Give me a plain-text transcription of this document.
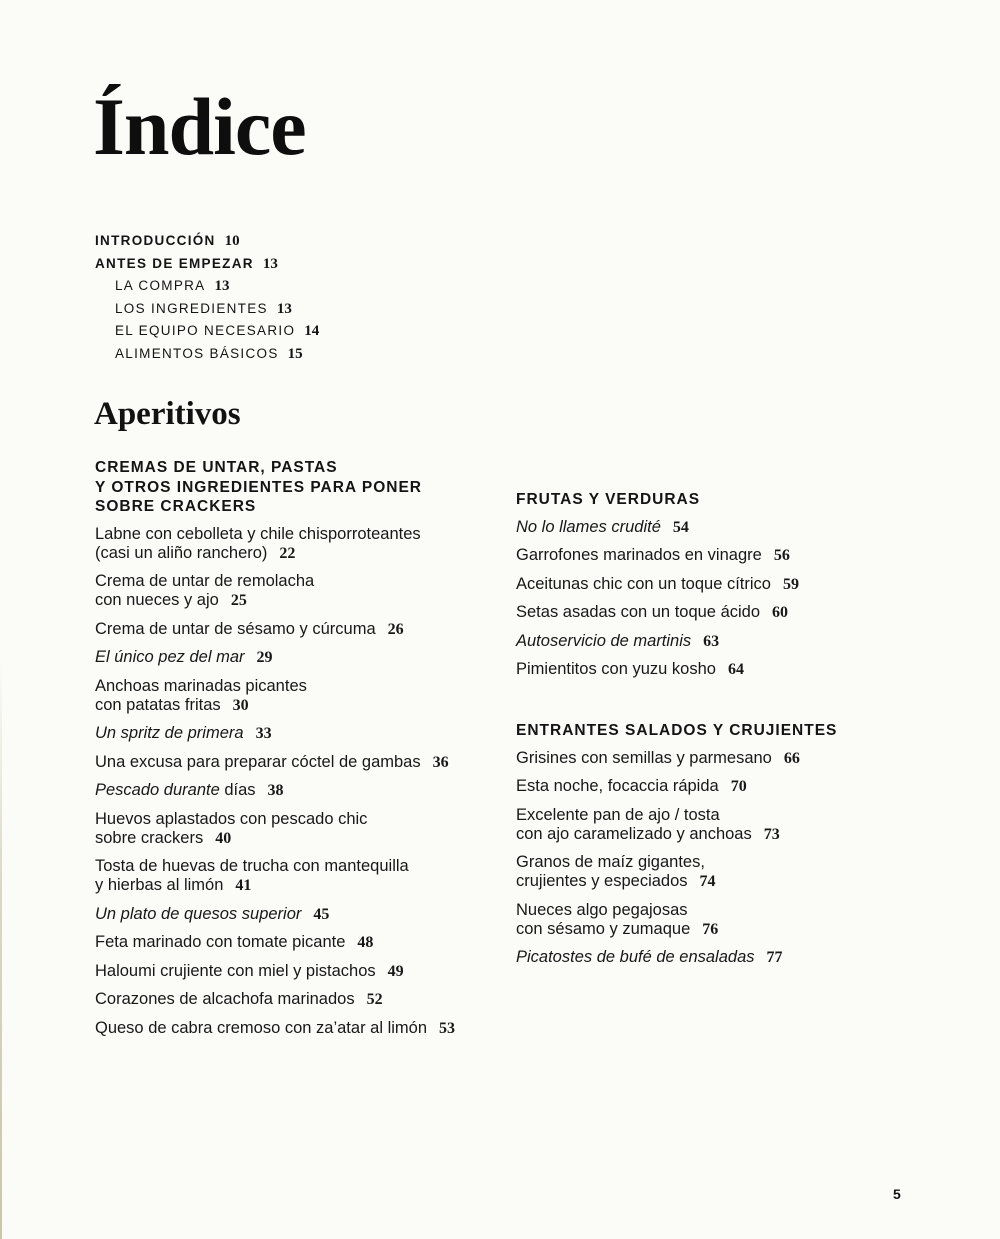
Índice
INTRODUCCIÓN 10
ANTES DE EMPEZAR 13
LA COMPRA 13
LOS INGREDIENTES 13
EL EQUIPO NECESARIO 14
ALIMENTOS BÁSICOS 15
Aperitivos
CREMAS DE UNTAR, PASTAS
Y OTROS INGREDIENTES PARA PONER
SOBRE CRACKERS
Labne con cebolleta y chile chisporroteantes
(casi un aliño ranchero) 22
Crema de untar de remolacha
con nueces y ajo 25
Crema de untar de sésamo y cúrcuma 26
El único pez del mar 29
Anchoas marinadas picantes
con patatas fritas 30
Un spritz de primera 33
Una excusa para preparar cóctel de gambas 36
Pescado durante días 38
Huevos aplastados con pescado chic
sobre crackers 40
Tosta de huevas de trucha con mantequilla
y hierbas al limón 41
Un plato de quesos superior 45
Feta marinado con tomate picante 48
Haloumi crujiente con miel y pistachos 49
Corazones de alcachofa marinados 52
Queso de cabra cremoso con za’atar al limón 53
FRUTAS Y VERDURAS
No lo llames crudité 54
Garrofones marinados en vinagre 56
Aceitunas chic con un toque cítrico 59
Setas asadas con un toque ácido 60
Autoservicio de martinis 63
Pimientitos con yuzu kosho 64
ENTRANTES SALADOS Y CRUJIENTES
Grisines con semillas y parmesano 66
Esta noche, focaccia rápida 70
Excelente pan de ajo / tosta
con ajo caramelizado y anchoas 73
Granos de maíz gigantes,
crujientes y especiados 74
Nueces algo pegajosas
con sésamo y zumaque 76
Picatostes de bufé de ensaladas 77
5
